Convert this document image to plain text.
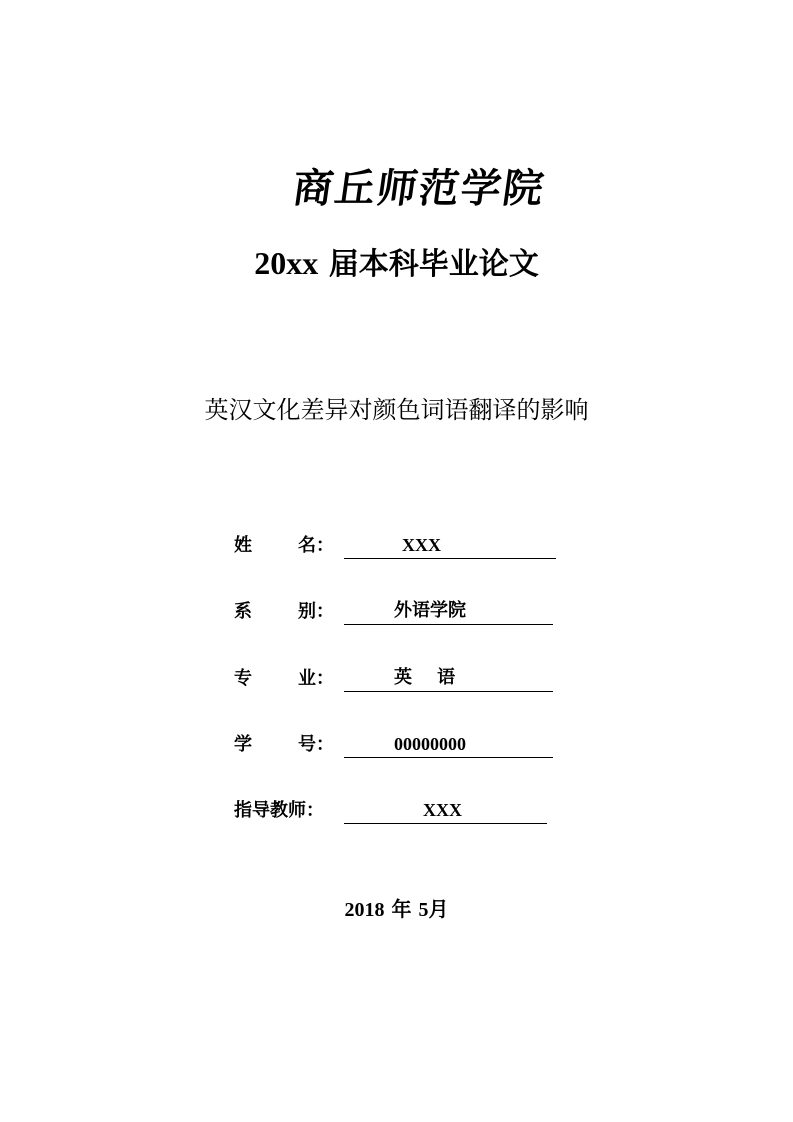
商丘师范学院
20xx 届本科毕业论文
英汉文化差异对颜色词语翻译的影响
姓	名：	XXX
系	别：	外语学院
专	业：	英    语
学	号：	00000000
指导教师：	XXX
2018 年 5月
